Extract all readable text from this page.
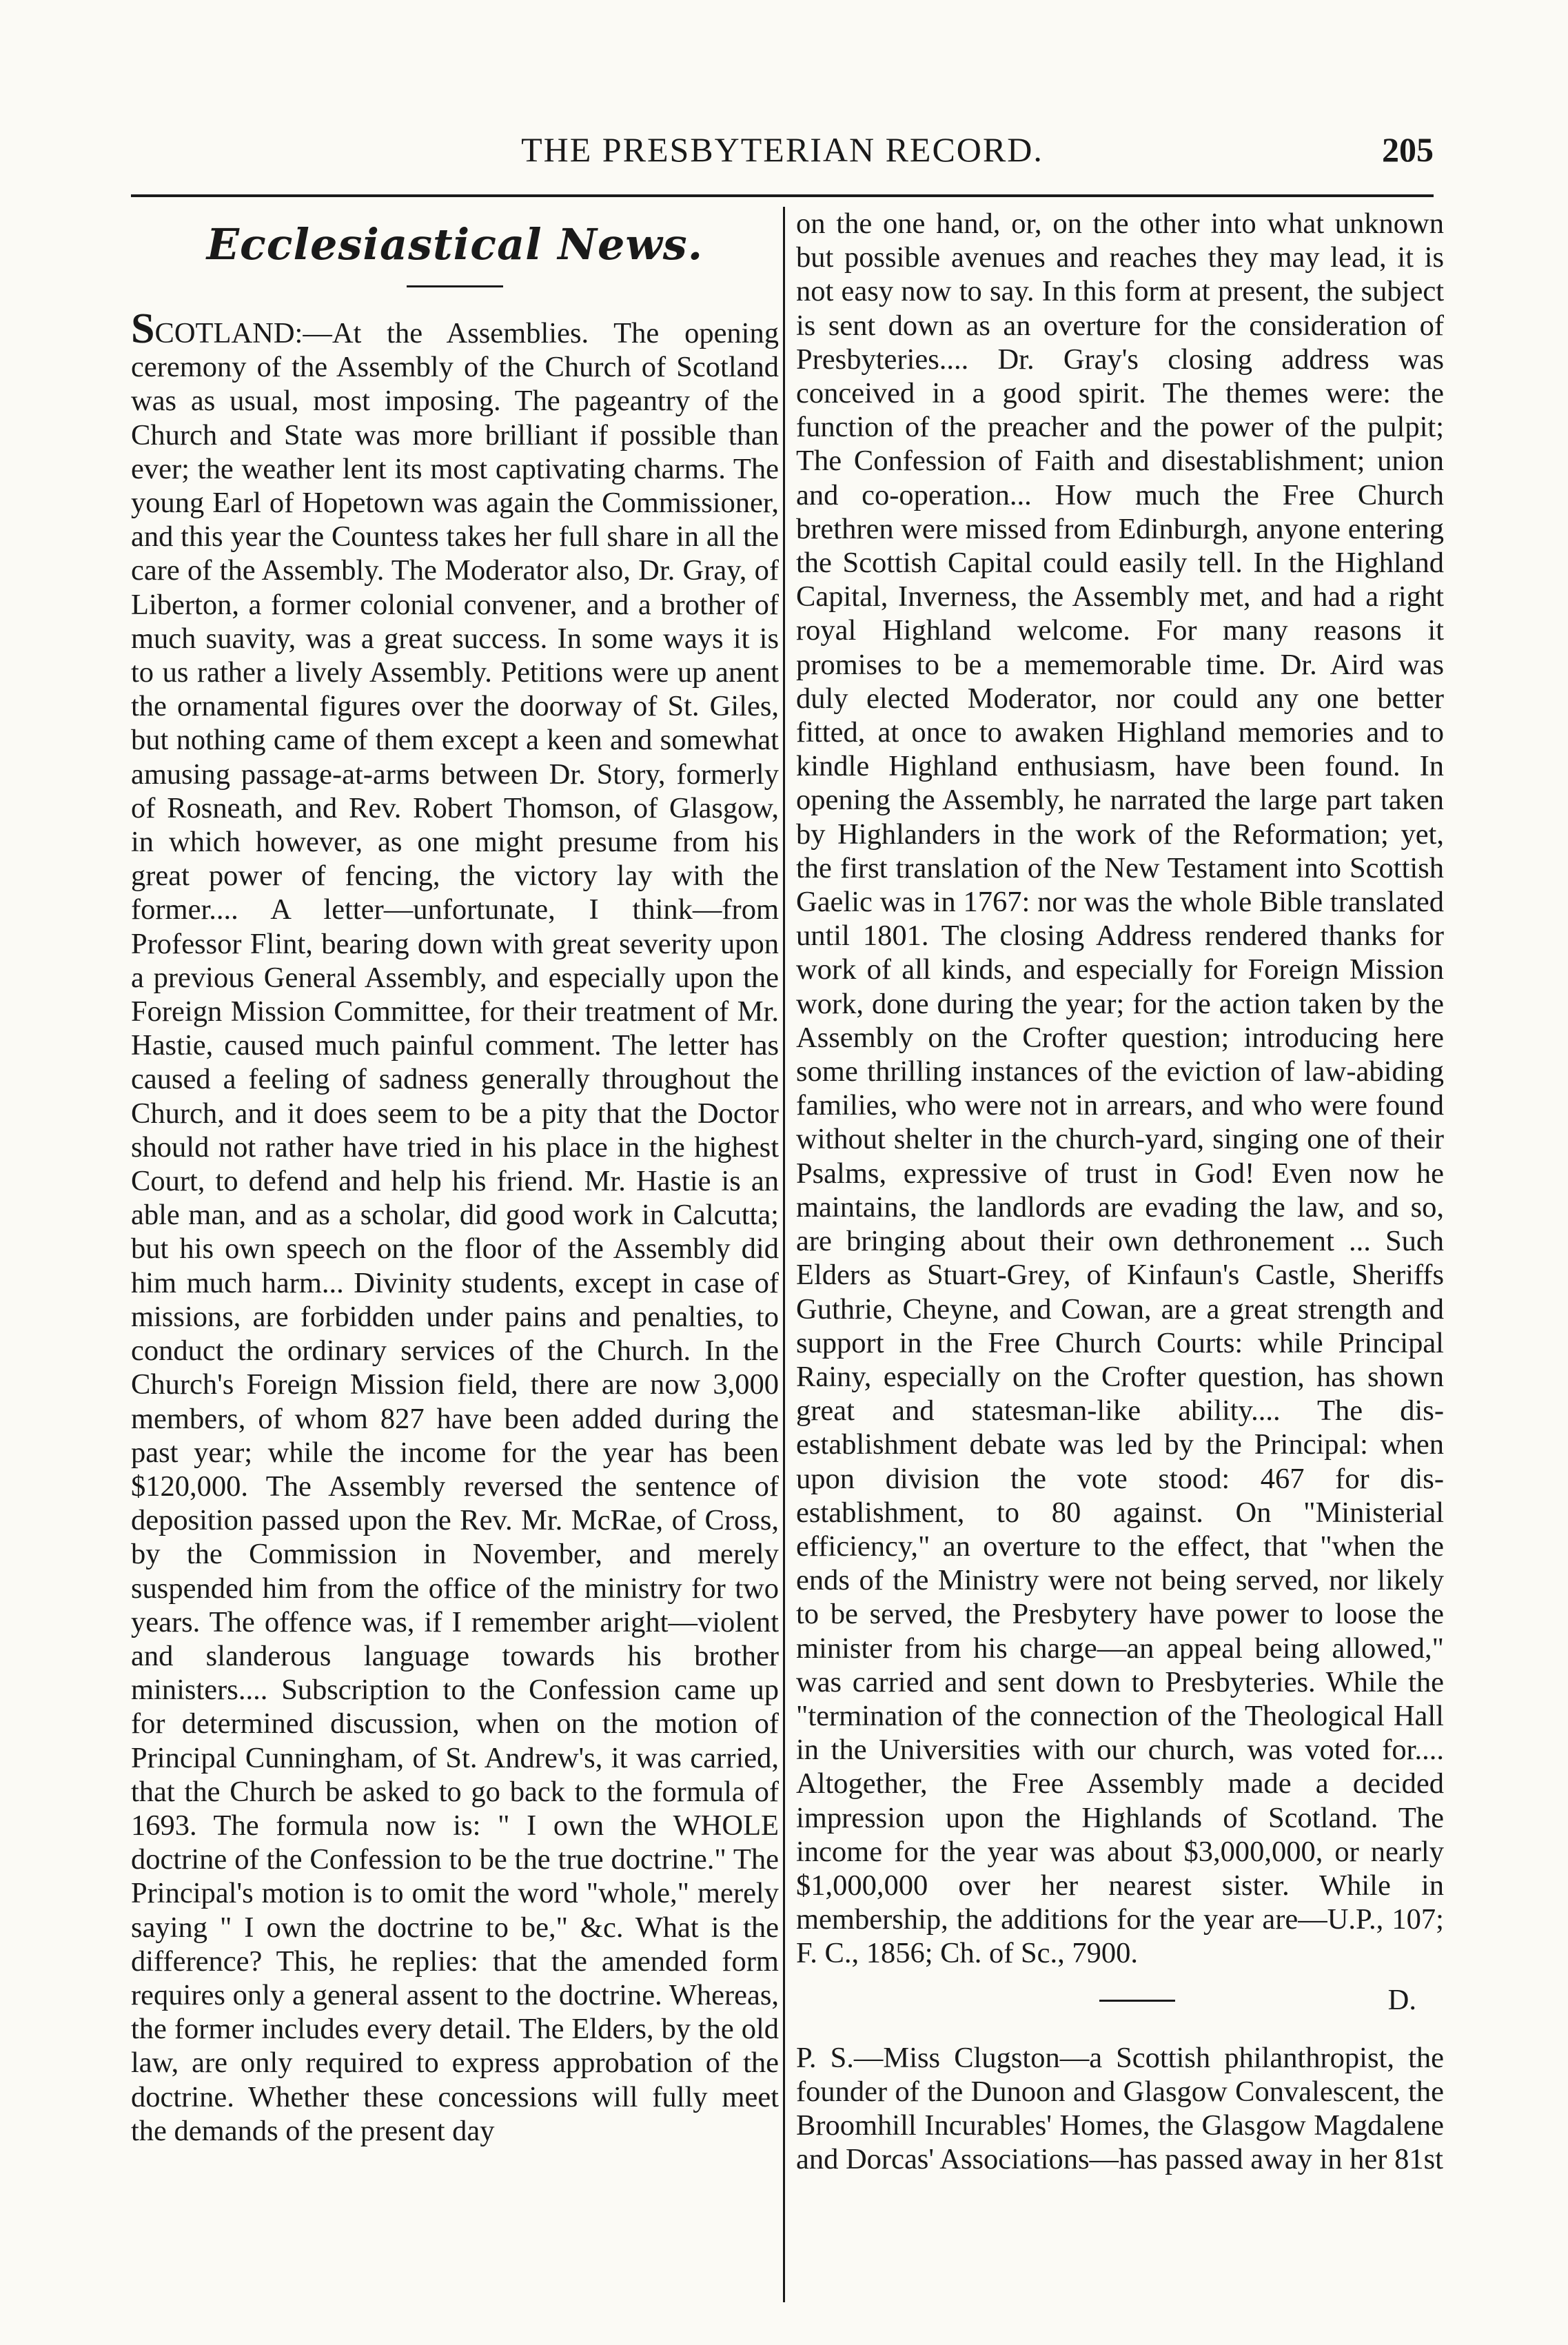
THE PRESBYTERIAN RECORD.	205
Ecclesiastical News.

SCOTLAND:—At the Assemblies. The opening ceremony of the Assembly of the Church of Scotland was as usual, most imposing. The pageantry of the Church and State was more brilliant if possible than ever; the weather lent its most captivating charms. The young Earl of Hopetown was again the Commissioner, and this year the Countess takes her full share in all the care of the Assembly. The Moderator also, Dr. Gray, of Liberton, a former colonial convener, and a brother of much suavity, was a great success. In some ways it is to us rather a lively Assembly. Petitions were up anent the ornamental figures over the doorway of St. Giles, but nothing came of them except a keen and somewhat amusing passage-at-arms between Dr. Story, formerly of Rosneath, and Rev. Robert Thomson, of Glasgow, in which however, as one might presume from his great power of fencing, the victory lay with the former.... A letter—unfortunate, I think—from Professor Flint, bearing down with great severity upon a previous General Assembly, and especially upon the Foreign Mission Committee, for their treatment of Mr. Hastie, caused much painful comment. The letter has caused a feeling of sadness generally throughout the Church, and it does seem to be a pity that the Doctor should not rather have tried in his place in the highest Court, to defend and help his friend. Mr. Hastie is an able man, and as a scholar, did good work in Calcutta; but his own speech on the floor of the Assembly did him much harm... Divinity students, except in case of missions, are forbidden under pains and penalties, to conduct the ordinary services of the Church. In the Church's Foreign Mission field, there are now 3,000 members, of whom 827 have been added during the past year; while the income for the year has been $120,000. The Assembly reversed the sentence of deposition passed upon the Rev. Mr. McRae, of Cross, by the Commission in November, and merely suspended him from the office of the ministry for two years. The offence was, if I remember aright—violent and slanderous language towards his brother ministers.... Subscription to the Confession came up for determined discussion, when on the motion of Principal Cunningham, of St. Andrew's, it was carried, that the Church be asked to go back to the formula of 1693. The formula now is: " I own the WHOLE doctrine of the Confession to be the true doctrine." The Principal's motion is to omit the word "whole," merely saying " I own the doctrine to be," &c. What is the difference? This, he replies: that the amended form requires only a general assent to the doctrine. Whereas, the former includes every detail. The Elders, by the old law, are only required to express approbation of the doctrine. Whether these concessions will fully meet the demands of the present day

on the one hand, or, on the other into what unknown but possible avenues and reaches they may lead, it is not easy now to say. In this form at present, the subject is sent down as an overture for the consideration of Presbyteries.... Dr. Gray's closing address was conceived in a good spirit. The themes were: the function of the preacher and the power of the pulpit; The Confession of Faith and disestablishment; union and co-operation... How much the Free Church brethren were missed from Edinburgh, anyone entering the Scottish Capital could easily tell. In the Highland Capital, Inverness, the Assembly met, and had a right royal Highland welcome. For many reasons it promises to be a mememorable time. Dr. Aird was duly elected Moderator, nor could any one better fitted, at once to awaken Highland memories and to kindle Highland enthusiasm, have been found. In opening the Assembly, he narrated the large part taken by Highlanders in the work of the Reformation; yet, the first translation of the New Testament into Scottish Gaelic was in 1767: nor was the whole Bible translated until 1801. The closing Address rendered thanks for work of all kinds, and especially for Foreign Mission work, done during the year; for the action taken by the Assembly on the Crofter question; introducing here some thrilling instances of the eviction of law-abiding families, who were not in arrears, and who were found without shelter in the church-yard, singing one of their Psalms, expressive of trust in God! Even now he maintains, the landlords are evading the law, and so, are bringing about their own dethronement ... Such Elders as Stuart-Grey, of Kinfaun's Castle, Sheriffs Guthrie, Cheyne, and Cowan, are a great strength and support in the Free Church Courts: while Principal Rainy, especially on the Crofter question, has shown great and statesman-like ability.... The dis-establishment debate was led by the Principal: when upon division the vote stood: 467 for dis-establishment, to 80 against. On "Ministerial efficiency," an overture to the effect, that "when the ends of the Ministry were not being served, nor likely to be served, the Presbytery have power to loose the minister from his charge—an appeal being allowed," was carried and sent down to Presbyteries. While the "termination of the connection of the Theological Hall in the Universities with our church, was voted for.... Altogether, the Free Assembly made a decided impression upon the Highlands of Scotland. The income for the year was about $3,000,000, or nearly $1,000,000 over her nearest sister. While in membership, the additions for the year are—U.P., 107; F. C., 1856; Ch. of Sc., 7900.

D.

P. S.—Miss Clugston—a Scottish philanthropist, the founder of the Dunoon and Glasgow Convalescent, the Broomhill Incurables' Homes, the Glasgow Magdalene and Dorcas' Associations—has passed away in her 81st
